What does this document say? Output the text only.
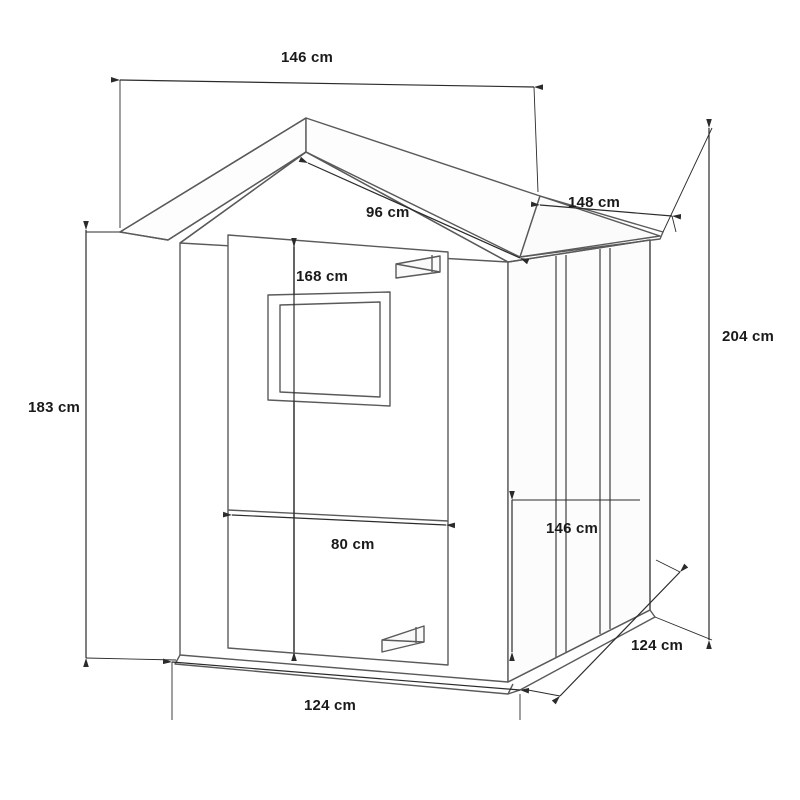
146 cm
96 cm
148 cm
204 cm
183 cm
168 cm
80 cm
146 cm
124 cm
124 cm
